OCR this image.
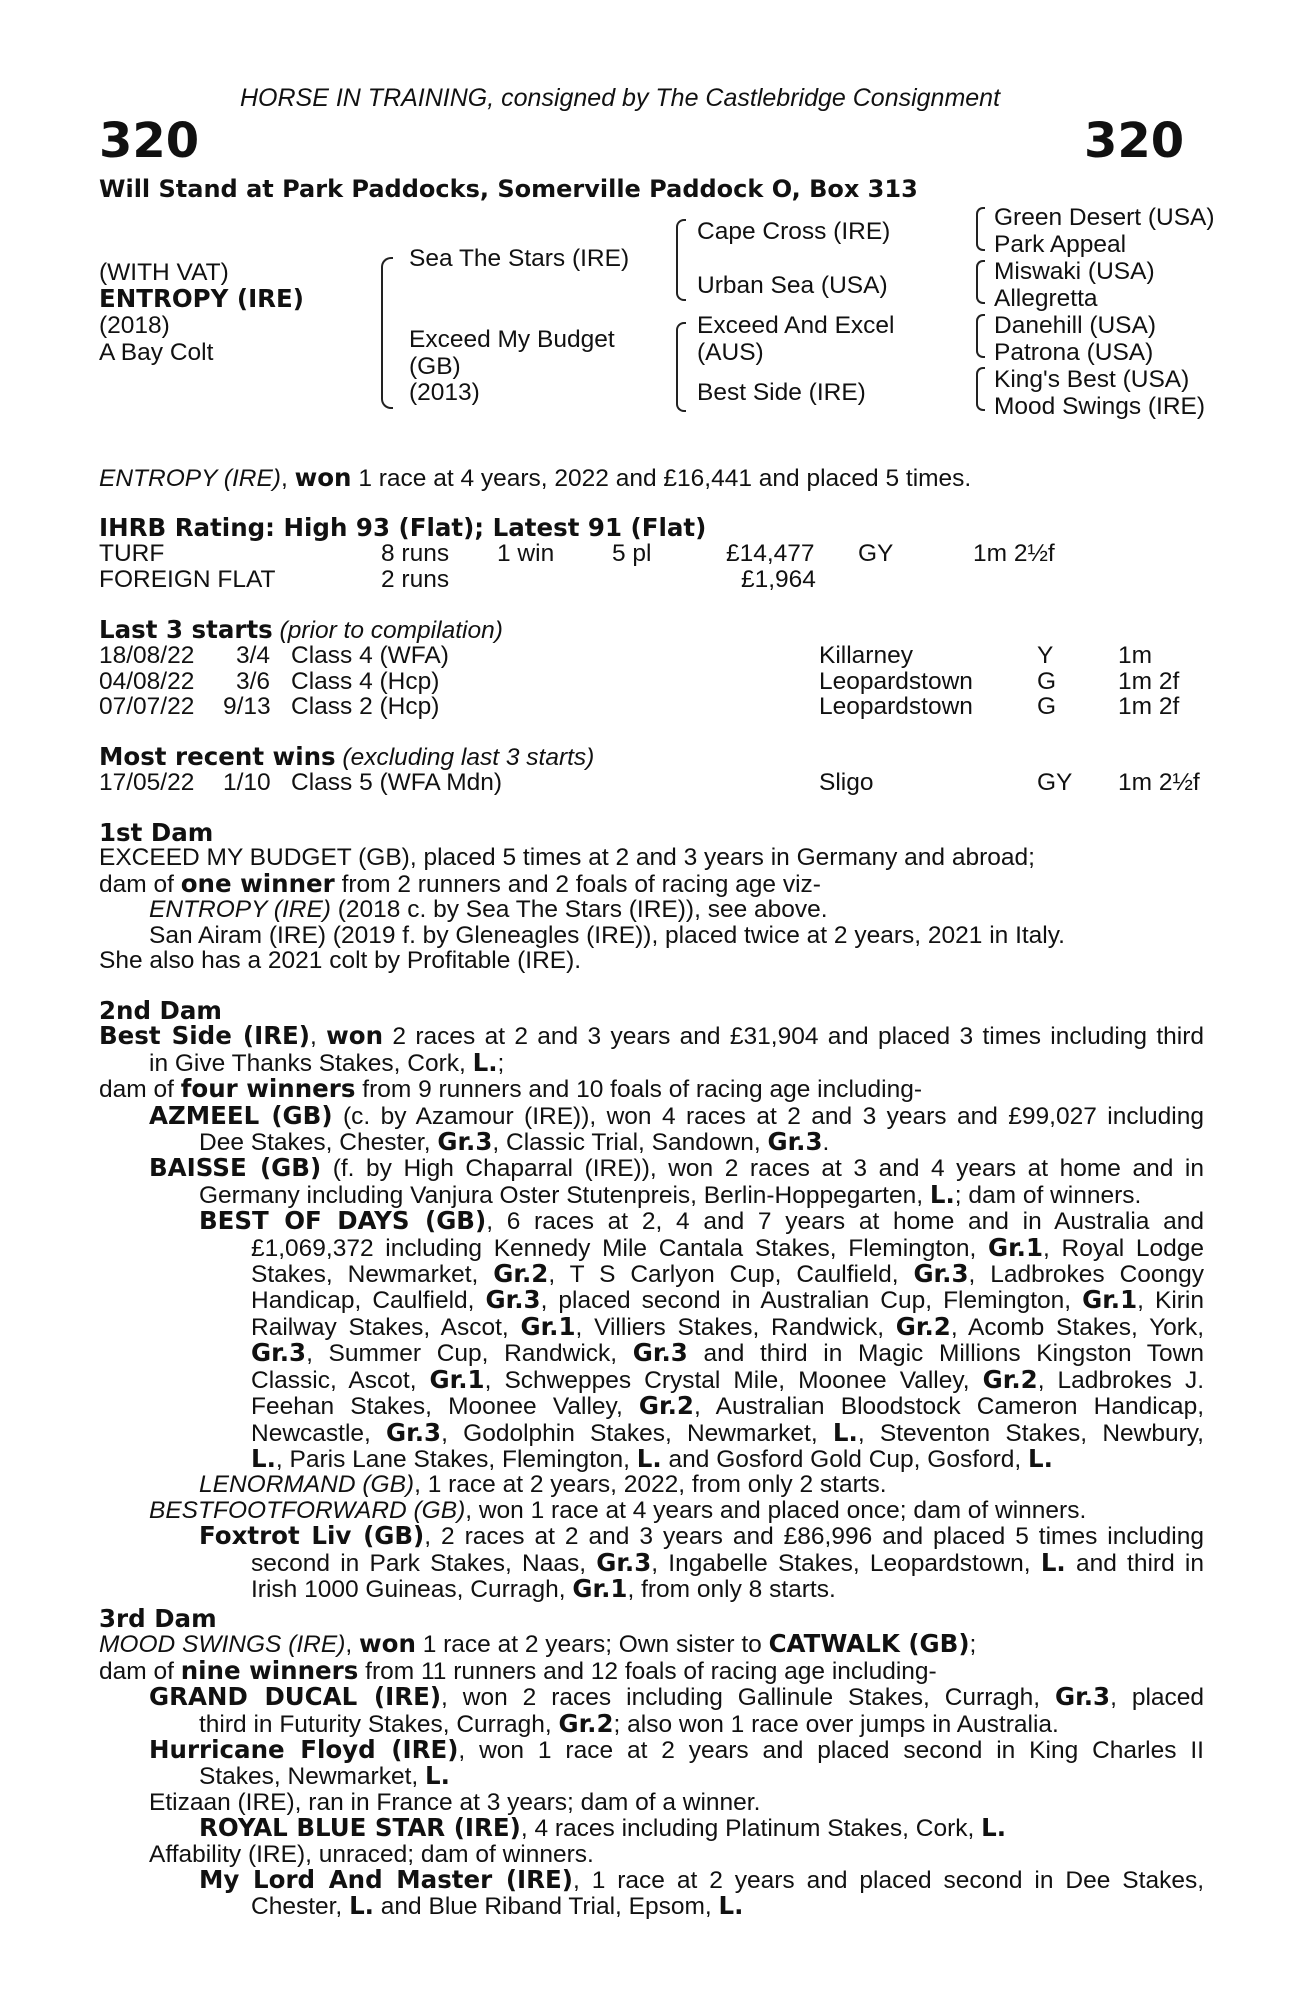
HORSE IN TRAINING, consigned by The Castlebridge Consignment
320	320
Will Stand at Park Paddocks, Somerville Paddock O, Box 313
(WITH VAT)
ENTROPY (IRE)
(2018)
A Bay Colt
Sea The Stars (IRE)
Exceed My Budget
(GB)
(2013)
Cape Cross (IRE)
Urban Sea (USA)
Exceed And Excel
(AUS)
Best Side (IRE)
Green Desert (USA)
Park Appeal
Miswaki (USA)
Allegretta
Danehill (USA)
Patrona (USA)
King's Best (USA)
Mood Swings (IRE)
ENTROPY (IRE), won 1 race at 4 years, 2022 and £16,441 and placed 5 times.
IHRB Rating: High 93 (Flat); Latest 91 (Flat)
TURF	8 runs 1 win 5 pl	£14,477 GY	1m 2½f
FOREIGN FLAT	2 runs	£1,964
Last 3 starts (prior to compilation)
18/08/22 3/4 Class 4 (WFA)	Killarney	Y	1m
04/08/22 3/6 Class 4 (Hcp)	Leopardstown	G	1m 2f
07/07/22 9/13 Class 2 (Hcp)	Leopardstown	G	1m 2f
Most recent wins (excluding last 3 starts)
17/05/22 1/10 Class 5 (WFA Mdn)	Sligo	GY 1m 2½f
1st Dam
EXCEED MY BUDGET (GB), placed 5 times at 2 and 3 years in Germany and abroad;
dam of one winner from 2 runners and 2 foals of racing age viz-
ENTROPY (IRE) (2018 c. by Sea The Stars (IRE)), see above.
San Airam (IRE) (2019 f. by Gleneagles (IRE)), placed twice at 2 years, 2021 in Italy.
She also has a 2021 colt by Profitable (IRE).
2nd Dam
Best Side (IRE), won 2 races at 2 and 3 years and £31,904 and placed 3 times including third
in Give Thanks Stakes, Cork, L.;
dam of four winners from 9 runners and 10 foals of racing age including-
AZMEEL (GB) (c. by Azamour (IRE)), won 4 races at 2 and 3 years and £99,027 including
Dee Stakes, Chester, Gr.3, Classic Trial, Sandown, Gr.3.
BAISSE (GB) (f. by High Chaparral (IRE)), won 2 races at 3 and 4 years at home and in
Germany including Vanjura Oster Stutenpreis, Berlin-Hoppegarten, L.; dam of winners.
BEST OF DAYS (GB), 6 races at 2, 4 and 7 years at home and in Australia and
£1,069,372 including Kennedy Mile Cantala Stakes, Flemington, Gr.1, Royal Lodge
Stakes, Newmarket, Gr.2, T S Carlyon Cup, Caulfield, Gr.3, Ladbrokes Coongy
Handicap, Caulfield, Gr.3, placed second in Australian Cup, Flemington, Gr.1, Kirin
Railway Stakes, Ascot, Gr.1, Villiers Stakes, Randwick, Gr.2, Acomb Stakes, York,
Gr.3, Summer Cup, Randwick, Gr.3 and third in Magic Millions Kingston Town
Classic, Ascot, Gr.1, Schweppes Crystal Mile, Moonee Valley, Gr.2, Ladbrokes J.
Feehan Stakes, Moonee Valley, Gr.2, Australian Bloodstock Cameron Handicap,
Newcastle, Gr.3, Godolphin Stakes, Newmarket, L., Steventon Stakes, Newbury,
L., Paris Lane Stakes, Flemington, L. and Gosford Gold Cup, Gosford, L.
LENORMAND (GB), 1 race at 2 years, 2022, from only 2 starts.
BESTFOOTFORWARD (GB), won 1 race at 4 years and placed once; dam of winners.
Foxtrot Liv (GB), 2 races at 2 and 3 years and £86,996 and placed 5 times including
second in Park Stakes, Naas, Gr.3, Ingabelle Stakes, Leopardstown, L. and third in
Irish 1000 Guineas, Curragh, Gr.1, from only 8 starts.
3rd Dam
MOOD SWINGS (IRE), won 1 race at 2 years; Own sister to CATWALK (GB);
dam of nine winners from 11 runners and 12 foals of racing age including-
GRAND DUCAL (IRE), won 2 races including Gallinule Stakes, Curragh, Gr.3, placed
third in Futurity Stakes, Curragh, Gr.2; also won 1 race over jumps in Australia.
Hurricane Floyd (IRE), won 1 race at 2 years and placed second in King Charles II
Stakes, Newmarket, L.
Etizaan (IRE), ran in France at 3 years; dam of a winner.
ROYAL BLUE STAR (IRE), 4 races including Platinum Stakes, Cork, L.
Affability (IRE), unraced; dam of winners.
My Lord And Master (IRE), 1 race at 2 years and placed second in Dee Stakes,
Chester, L. and Blue Riband Trial, Epsom, L.
